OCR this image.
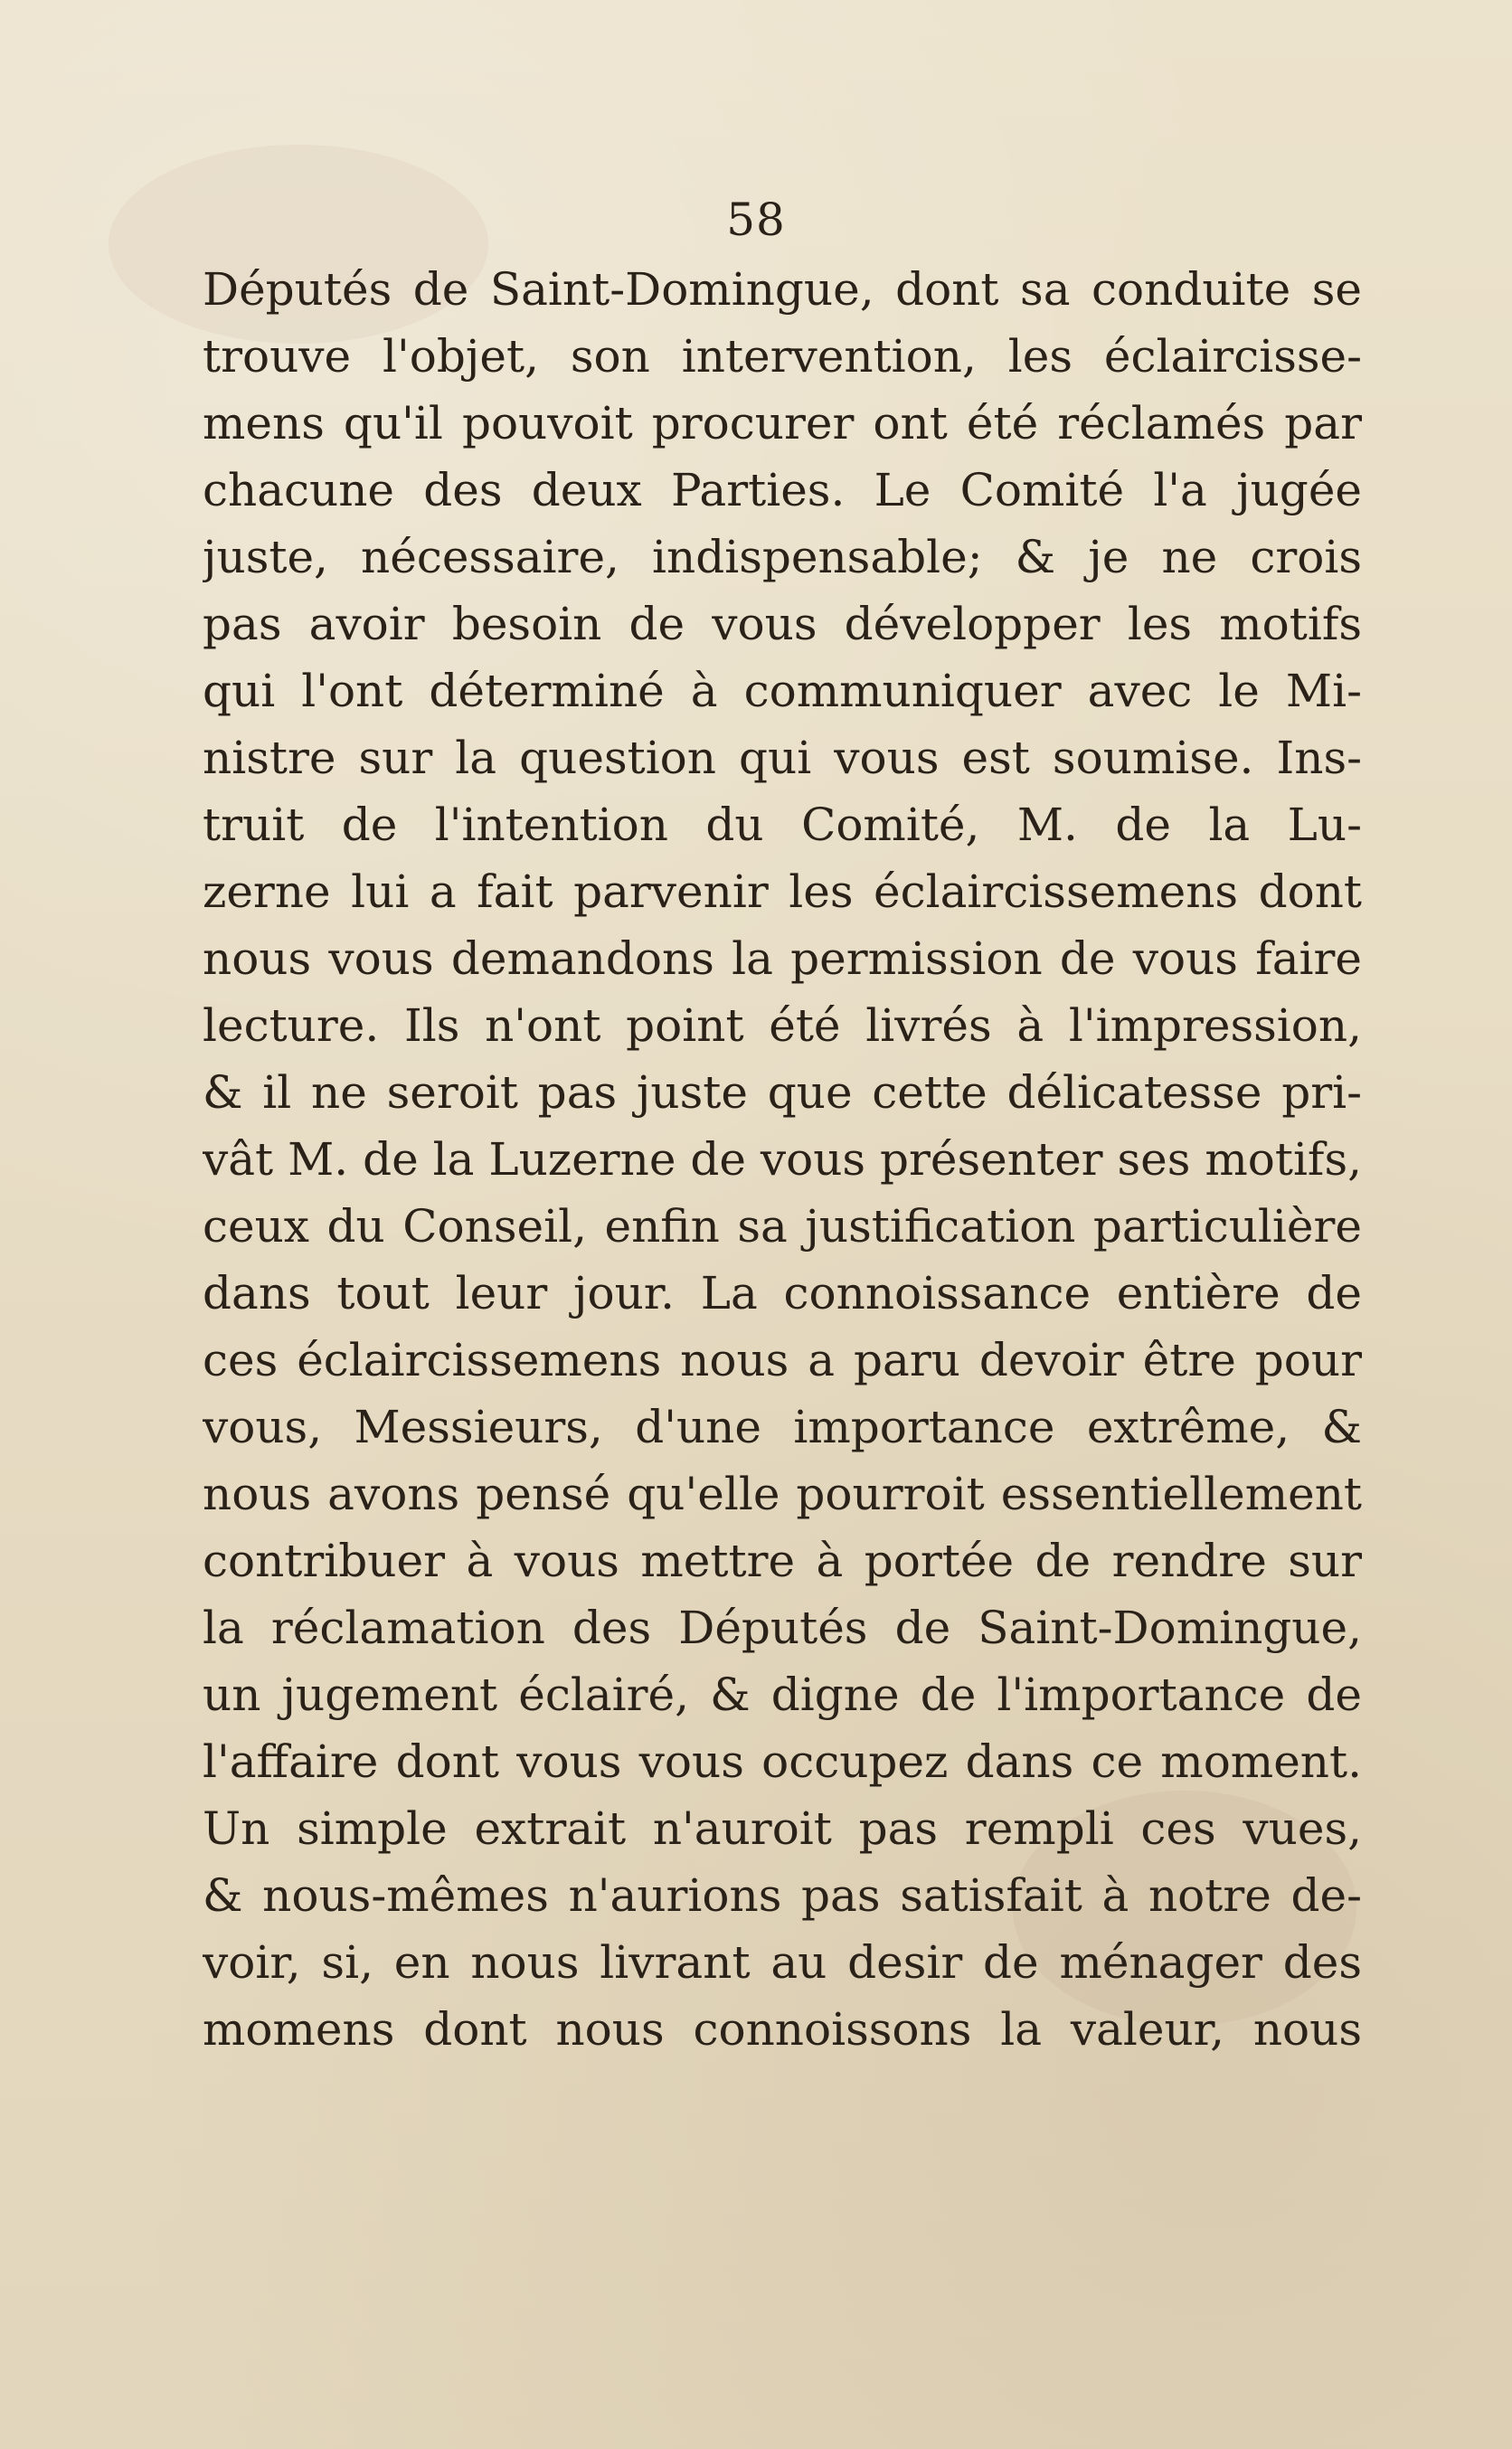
58
Députés de Saint-Domingue, dont sa conduite se
trouve l'objet, son intervention, les éclaircisse-
mens qu'il pouvoit procurer ont été réclamés par
chacune des deux Parties. Le Comité l'a jugée
juste, nécessaire, indispensable; & je ne crois
pas avoir besoin de vous développer les motifs
qui l'ont déterminé à communiquer avec le Mi-
nistre sur la question qui vous est soumise. Ins-
truit de l'intention du Comité, M. de la Lu-
zerne lui a fait parvenir les éclaircissemens dont
nous vous demandons la permission de vous faire
lecture. Ils n'ont point été livrés à l'impression,
& il ne seroit pas juste que cette délicatesse pri-
vât M. de la Luzerne de vous présenter ses motifs,
ceux du Conseil, enfin sa justification particulière
dans tout leur jour. La connoissance entière de
ces éclaircissemens nous a paru devoir être pour
vous, Messieurs, d'une importance extrême, &
nous avons pensé qu'elle pourroit essentiellement
contribuer à vous mettre à portée de rendre sur
la réclamation des Députés de Saint-Domingue,
un jugement éclairé, & digne de l'importance de
l'affaire dont vous vous occupez dans ce moment.
Un simple extrait n'auroit pas rempli ces vues,
& nous-mêmes n'aurions pas satisfait à notre de-
voir, si, en nous livrant au desir de ménager des
momens dont nous connoissons la valeur, nous
